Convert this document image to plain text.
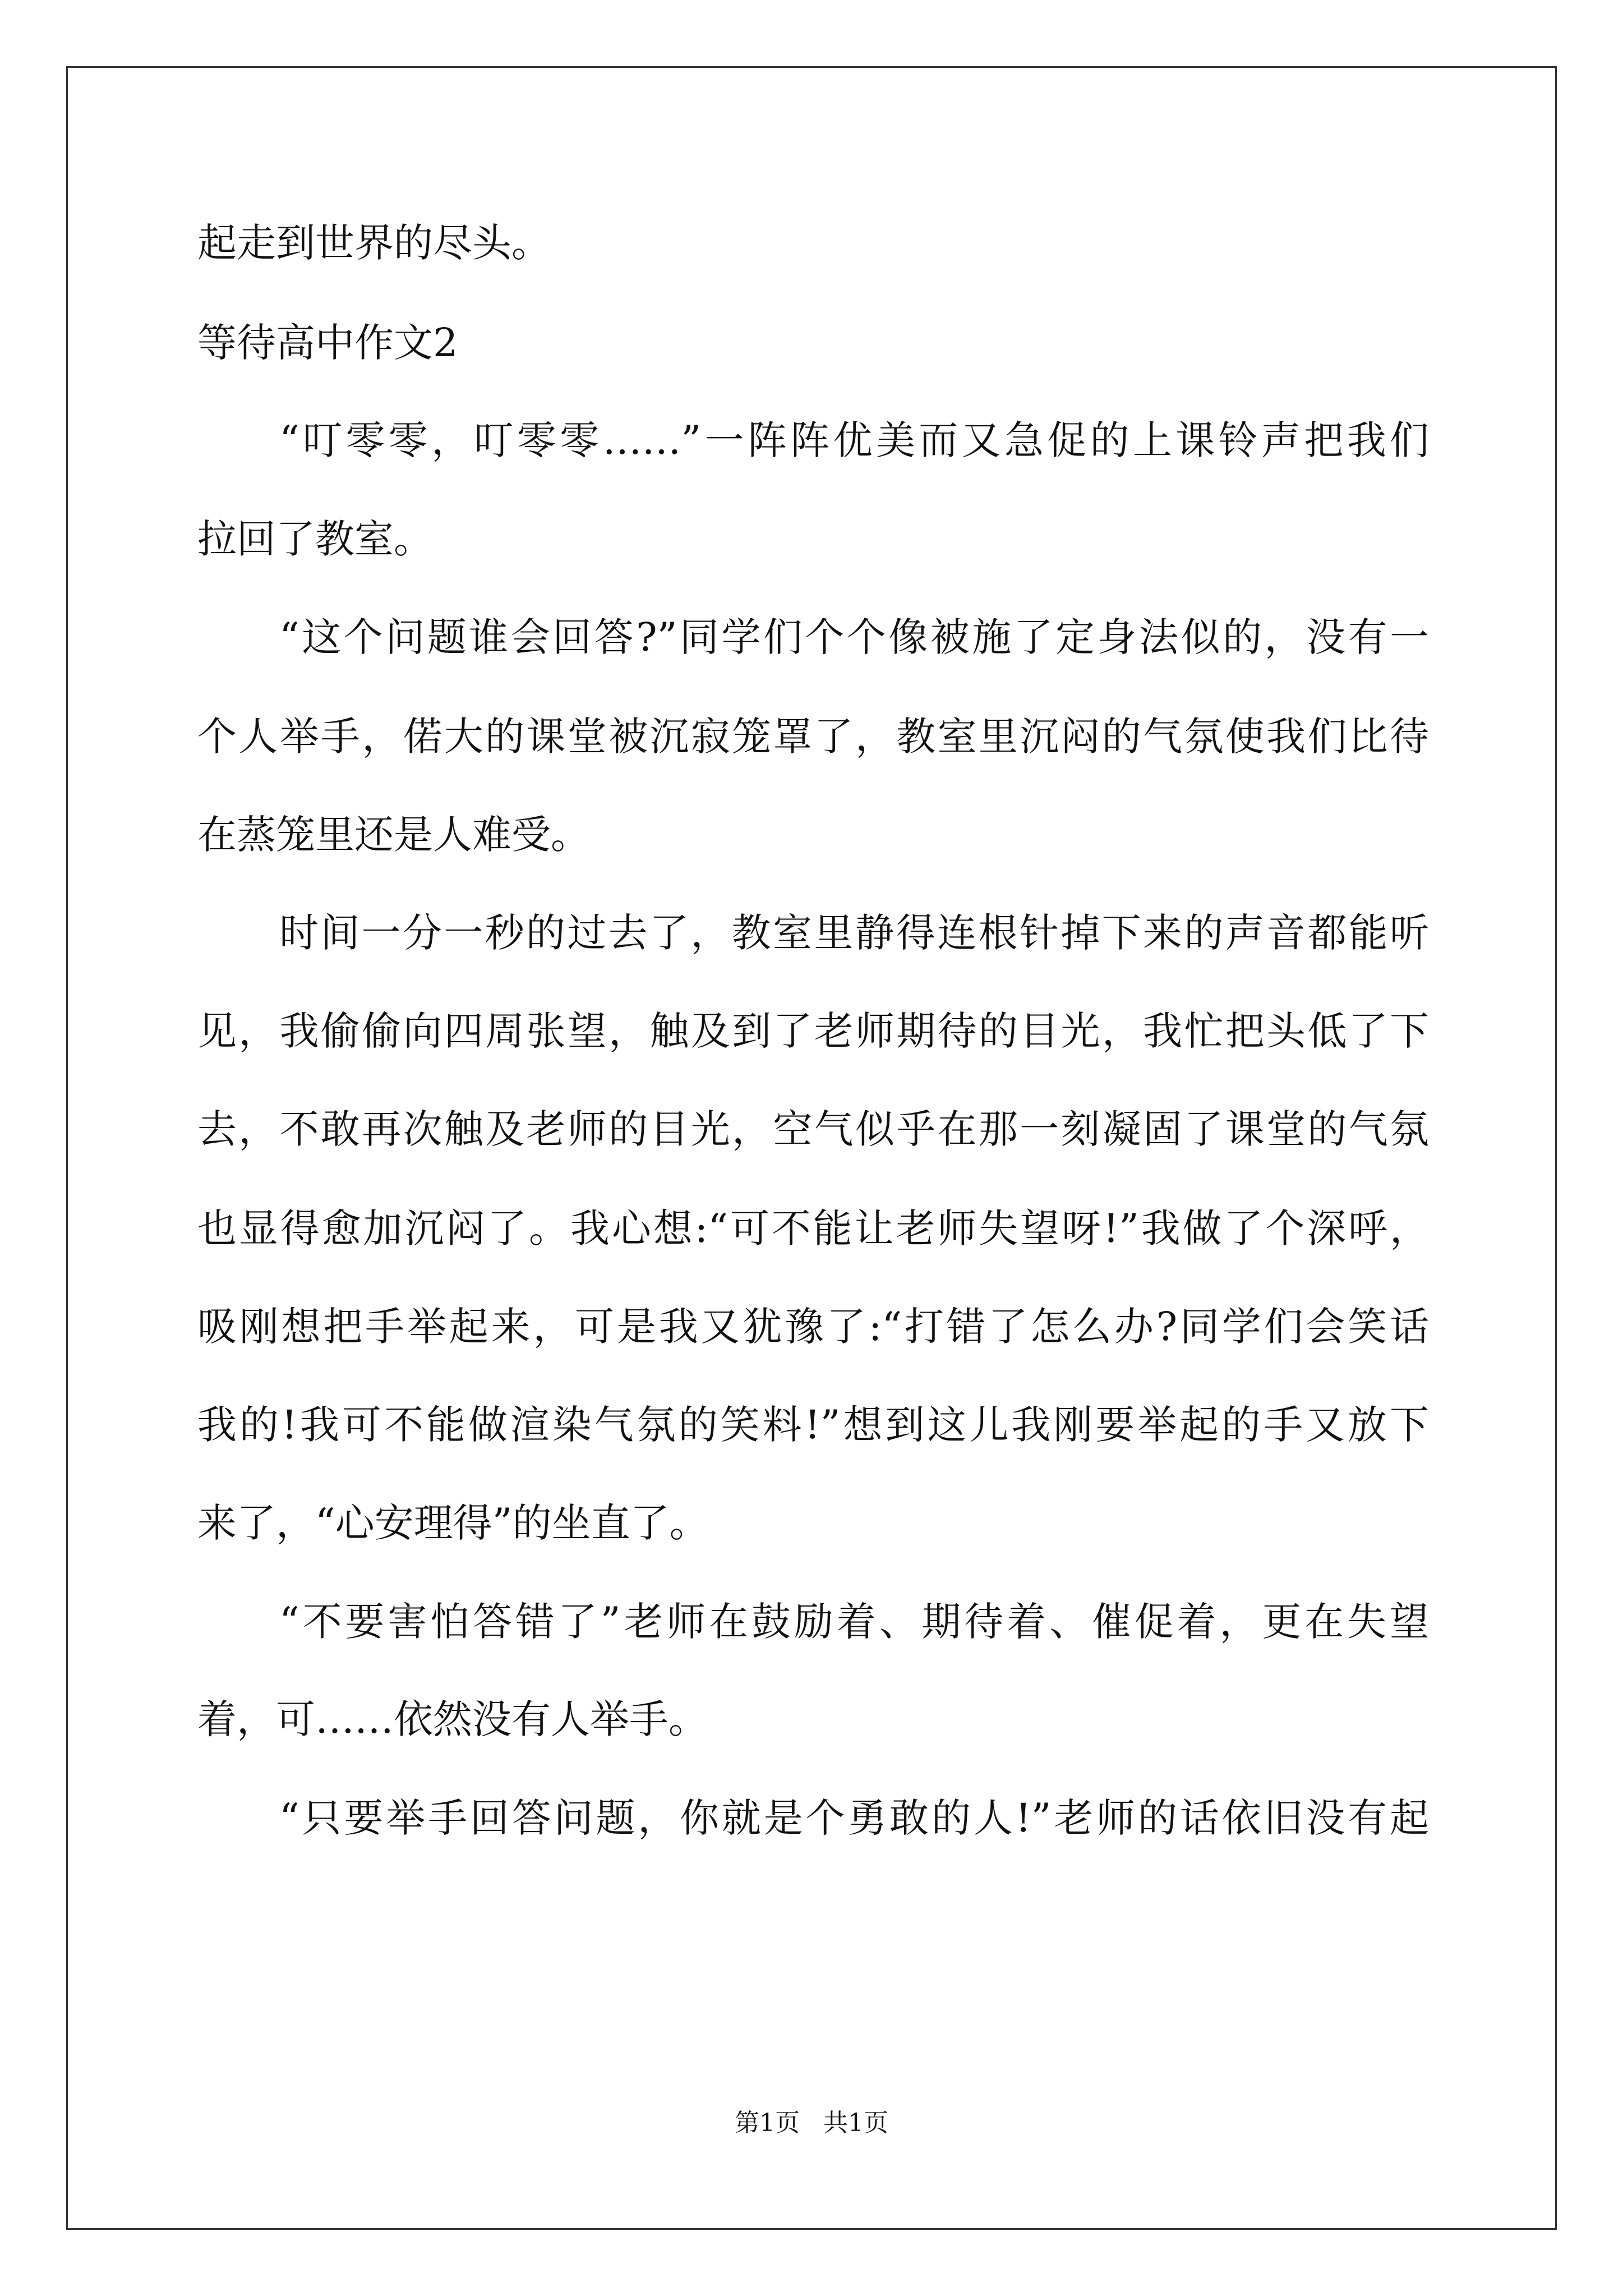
起走到世界的尽头。
等待高中作文2
“叮零零，叮零零……”一阵阵优美而又急促的上课铃声把我们
拉回了教室。
“这个问题谁会回答?”同学们个个像被施了定身法似的，没有一
个人举手，偌大的课堂被沉寂笼罩了，教室里沉闷的气氛使我们比待
在蒸笼里还是人难受。
时间一分一秒的过去了，教室里静得连根针掉下来的声音都能听
见，我偷偷向四周张望，触及到了老师期待的目光，我忙把头低了下
去，不敢再次触及老师的目光，空气似乎在那一刻凝固了课堂的气氛
也显得愈加沉闷了。我心想:“可不能让老师失望呀!”我做了个深呼，
吸刚想把手举起来，可是我又犹豫了:“打错了怎么办?同学们会笑话
我的!我可不能做渲染气氛的笑料!”想到这儿我刚要举起的手又放下
来了，“心安理得”的坐直了。
“不要害怕答错了”老师在鼓励着、期待着、催促着，更在失望
着，可……依然没有人举手。
“只要举手回答问题，你就是个勇敢的人!”老师的话依旧没有起
第1页   共1页
